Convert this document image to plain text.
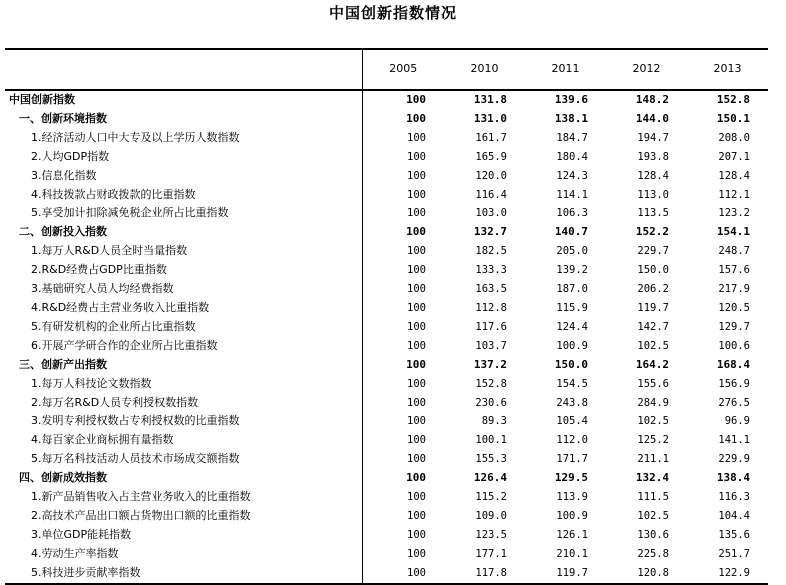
中国创新指数情况
	2005	2010	2011	2012	2013
中国创新指数	100	131.8	139.6	148.2	152.8
一、创新环境指数	100	131.0	138.1	144.0	150.1
1.经济活动人口中大专及以上学历人数指数	100	161.7	184.7	194.7	208.0
2.人均GDP指数	100	165.9	180.4	193.8	207.1
3.信息化指数	100	120.0	124.3	128.4	128.4
4.科技拨款占财政拨款的比重指数	100	116.4	114.1	113.0	112.1
5.享受加计扣除减免税企业所占比重指数	100	103.0	106.3	113.5	123.2
二、创新投入指数	100	132.7	140.7	152.2	154.1
1.每万人R&D人员全时当量指数	100	182.5	205.0	229.7	248.7
2.R&D经费占GDP比重指数	100	133.3	139.2	150.0	157.6
3.基础研究人员人均经费指数	100	163.5	187.0	206.2	217.9
4.R&D经费占主营业务收入比重指数	100	112.8	115.9	119.7	120.5
5.有研发机构的企业所占比重指数	100	117.6	124.4	142.7	129.7
6.开展产学研合作的企业所占比重指数	100	103.7	100.9	102.5	100.6
三、创新产出指数	100	137.2	150.0	164.2	168.4
1.每万人科技论文数指数	100	152.8	154.5	155.6	156.9
2.每万名R&D人员专利授权数指数	100	230.6	243.8	284.9	276.5
3.发明专利授权数占专利授权数的比重指数	100	89.3	105.4	102.5	96.9
4.每百家企业商标拥有量指数	100	100.1	112.0	125.2	141.1
5.每万名科技活动人员技术市场成交额指数	100	155.3	171.7	211.1	229.9
四、创新成效指数	100	126.4	129.5	132.4	138.4
1.新产品销售收入占主营业务收入的比重指数	100	115.2	113.9	111.5	116.3
2.高技术产品出口额占货物出口额的比重指数	100	109.0	100.9	102.5	104.4
3.单位GDP能耗指数	100	123.5	126.1	130.6	135.6
4.劳动生产率指数	100	177.1	210.1	225.8	251.7
5.科技进步贡献率指数	100	117.8	119.7	120.8	122.9
